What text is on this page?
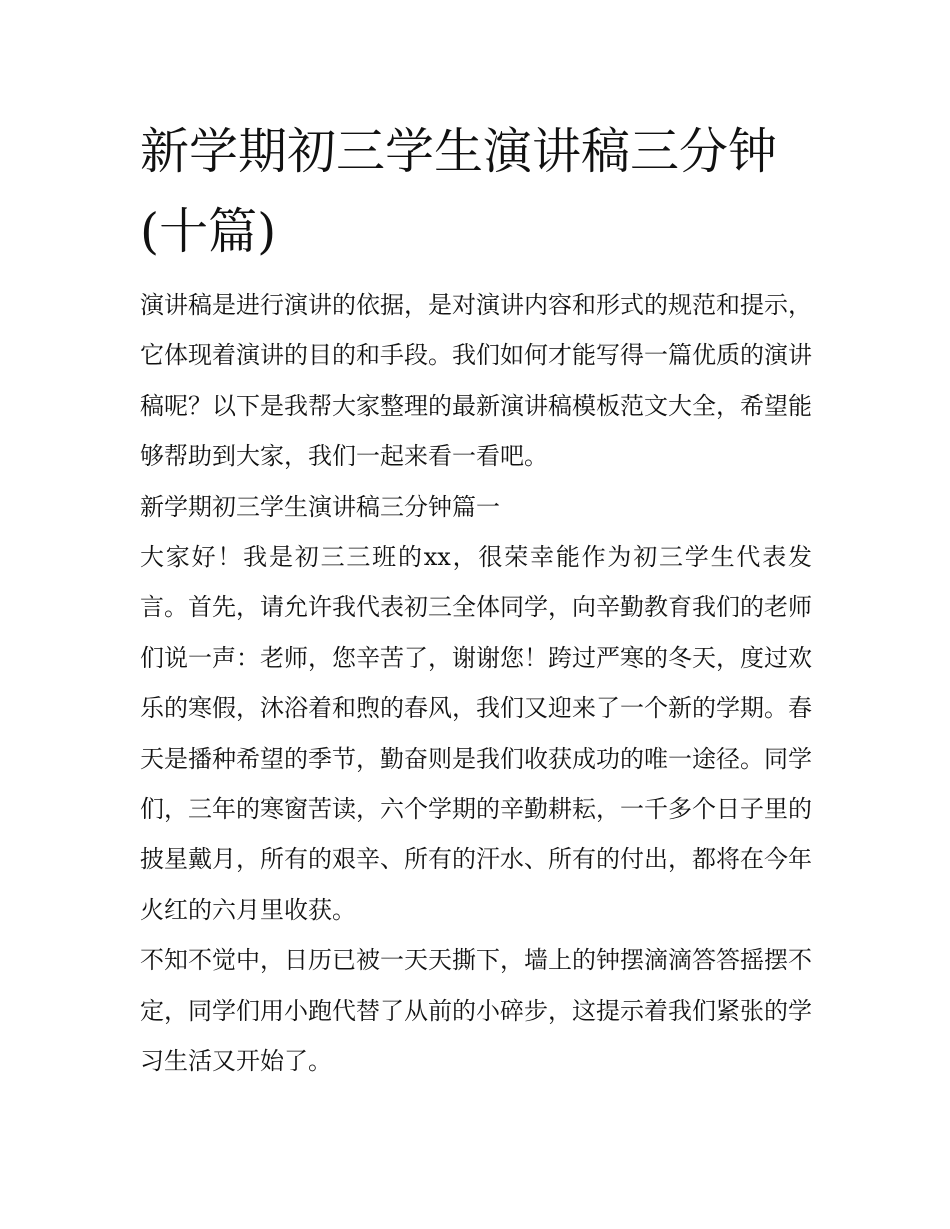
新学期初三学生演讲稿三分钟(十篇)

演讲稿是进行演讲的依据，是对演讲内容和形式的规范和提示，它体现着演讲的目的和手段。我们如何才能写得一篇优质的演讲稿呢？以下是我帮大家整理的最新演讲稿模板范文大全，希望能够帮助到大家，我们一起来看一看吧。

新学期初三学生演讲稿三分钟篇一

大家好！我是初三三班的xx，很荣幸能作为初三学生代表发言。首先，请允许我代表初三全体同学，向辛勤教育我们的老师们说一声：老师，您辛苦了，谢谢您！跨过严寒的冬天，度过欢乐的寒假，沐浴着和煦的春风，我们又迎来了一个新的学期。春天是播种希望的季节，勤奋则是我们收获成功的唯一途径。同学们，三年的寒窗苦读，六个学期的辛勤耕耘，一千多个日子里的披星戴月，所有的艰辛、所有的汗水、所有的付出，都将在今年火红的六月里收获。

不知不觉中，日历已被一天天撕下，墙上的钟摆滴滴答答摇摆不定，同学们用小跑代替了从前的小碎步，这提示着我们紧张的学习生活又开始了。
